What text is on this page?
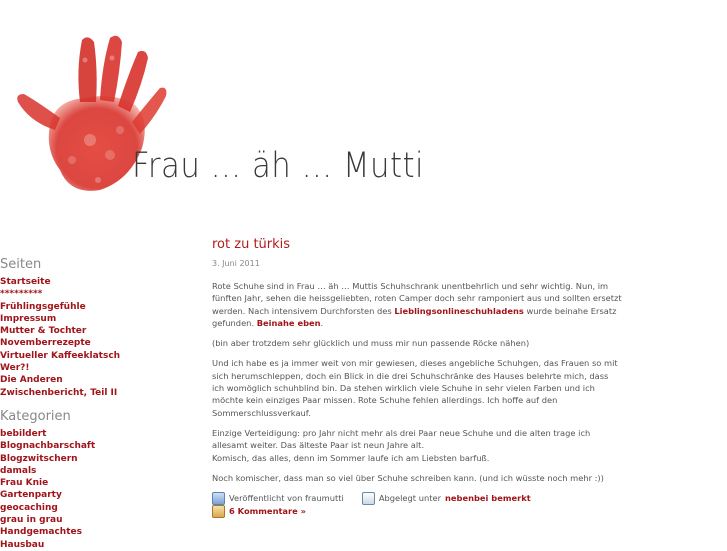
Frau … äh … Mutti
Seiten
Startseite
*********
Frühlingsgefühle
Impressum
Mutter & Tochter
Novemberrezepte
Virtueller Kaffeeklatsch
Wer?!
Die Anderen
Zwischenbericht, Teil II
Kategorien
bebildert
Blognachbarschaft
Blogzwitschern
damals
Frau Knie
Gartenparty
geocaching
grau in grau
Handgemachtes
Hausbau
rot zu türkis
3. Juni 2011

Rote Schuhe sind in Frau … äh … Muttis Schuhschrank unentbehrlich und sehr wichtig. Nun, im fünften Jahr, sehen die heissgeliebten, roten Camper doch sehr ramponiert aus und sollten ersetzt werden. Nach intensivem Durchforsten des Lieblingsonlineschuhladens wurde beinahe Ersatz gefunden. Beinahe eben.

(bin aber trotzdem sehr glücklich und muss mir nun passende Röcke nähen)

Und ich habe es ja immer weit von mir gewiesen, dieses angebliche Schuhgen, das Frauen so mit sich herumschleppen, doch ein Blick in die drei Schuhschränke des Hauses belehrte mich, dass ich womöglich schuhblind bin. Da stehen wirklich viele Schuhe in sehr vielen Farben und ich möchte kein einziges Paar missen. Rote Schuhe fehlen allerdings. Ich hoffe auf den Sommerschlussverkauf.

Einzige Verteidigung: pro Jahr nicht mehr als drei Paar neue Schuhe und die alten trage ich allesamt weiter. Das älteste Paar ist neun Jahre alt.
Komisch, das alles, denn im Sommer laufe ich am Liebsten barfuß.

Noch komischer, dass man so viel über Schuhe schreiben kann. (und ich wüsste noch mehr :))

Veröffentlicht von fraumutti	Abgelegt unter nebenbei bemerkt
6 Kommentare »
